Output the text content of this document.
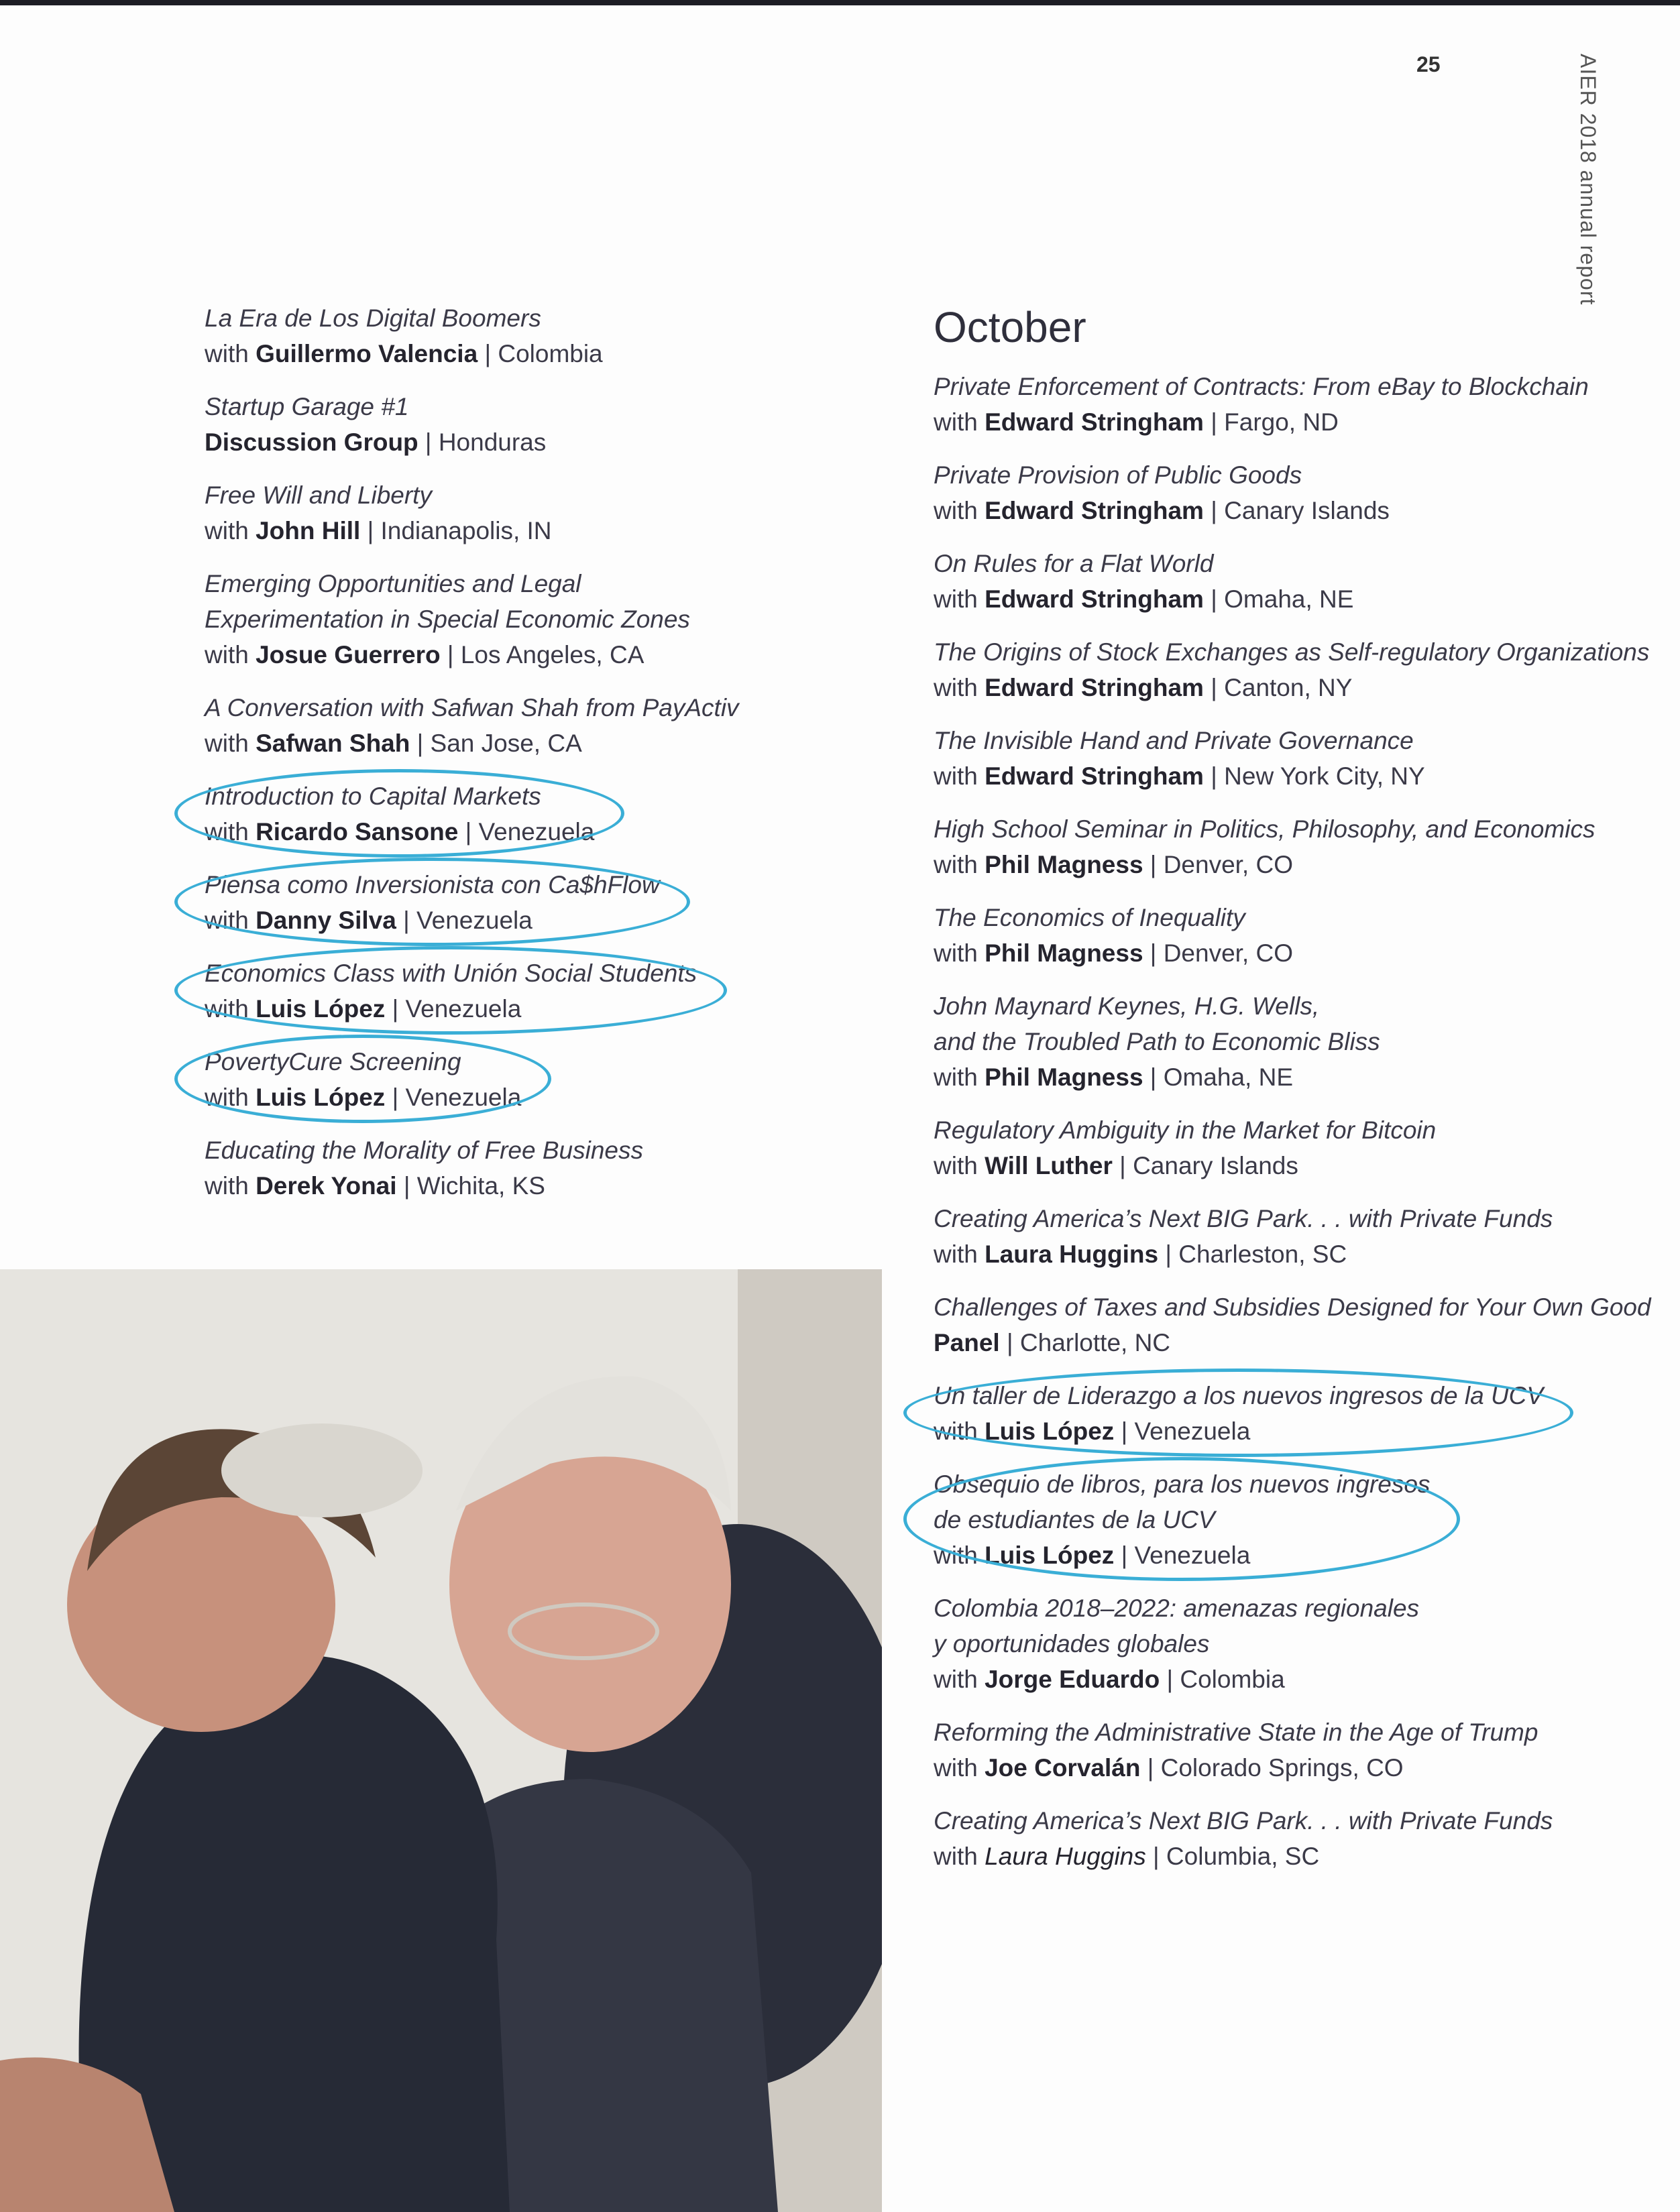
25	AIER 2018 annual report
La Era de Los Digital Boomers
with Guillermo Valencia | Colombia
Startup Garage #1
Discussion Group | Honduras
Free Will and Liberty
with John Hill | Indianapolis, IN
Emerging Opportunities and Legal
Experimentation in Special Economic Zones
with Josue Guerrero | Los Angeles, CA
A Conversation with Safwan Shah from PayActiv
with Safwan Shah | San Jose, CA
Introduction to Capital Markets
with Ricardo Sansone | Venezuela
Piensa como Inversionista con Ca$hFlow
with Danny Silva | Venezuela
Economics Class with Unión Social Students
with Luis López | Venezuela
PovertyCure Screening
with Luis López | Venezuela
Educating the Morality of Free Business
with Derek Yonai | Wichita, KS
October
Private Enforcement of Contracts: From eBay to Blockchain
with Edward Stringham | Fargo, ND
Private Provision of Public Goods
with Edward Stringham | Canary Islands
On Rules for a Flat World
with Edward Stringham | Omaha, NE
The Origins of Stock Exchanges as Self-regulatory Organizations
with Edward Stringham | Canton, NY
The Invisible Hand and Private Governance
with Edward Stringham | New York City, NY
High School Seminar in Politics, Philosophy, and Economics
with Phil Magness | Denver, CO
The Economics of Inequality
with Phil Magness | Denver, CO
John Maynard Keynes, H.G. Wells,
and the Troubled Path to Economic Bliss
with Phil Magness | Omaha, NE
Regulatory Ambiguity in the Market for Bitcoin
with Will Luther | Canary Islands
Creating America’s Next BIG Park. . . with Private Funds
with Laura Huggins | Charleston, SC
Challenges of Taxes and Subsidies Designed for Your Own Good
Panel | Charlotte, NC
Un taller de Liderazgo a los nuevos ingresos de la UCV
with Luis López | Venezuela
Obsequio de libros, para los nuevos ingresos
de estudiantes de la UCV
with Luis López | Venezuela
Colombia 2018–2022: amenazas regionales
y oportunidades globales
with Jorge Eduardo | Colombia
Reforming the Administrative State in the Age of Trump
with Joe Corvalán | Colorado Springs, CO
Creating America’s Next BIG Park. . . with Private Funds
with Laura Huggins | Columbia, SC
